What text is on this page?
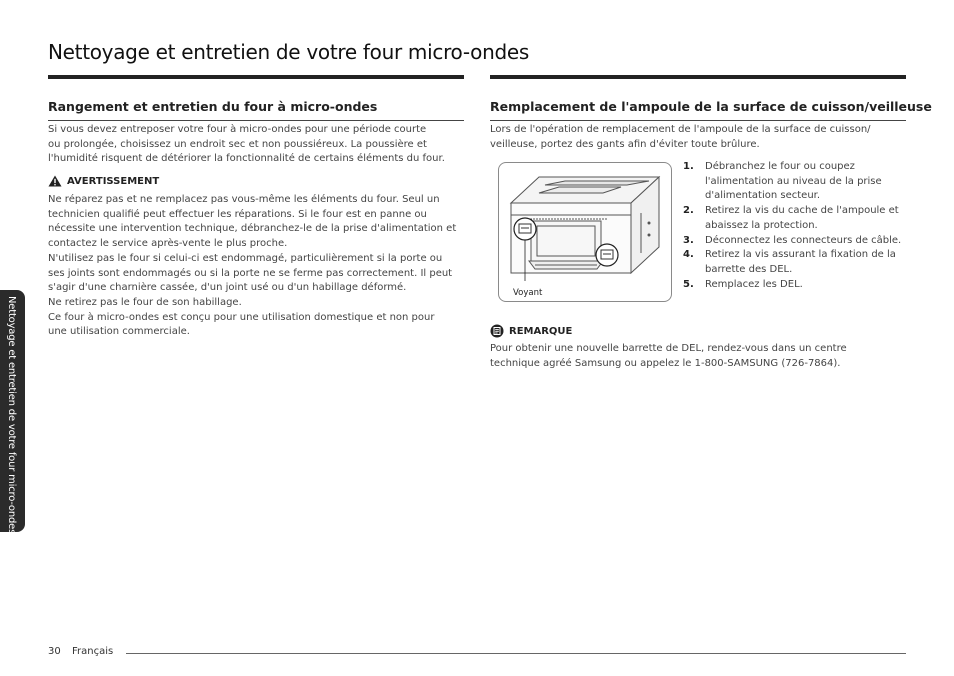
Nettoyage et entretien de votre four micro-ondes
Nettoyage et entretien de votre four micro-ondes
Rangement et entretien du four à micro-ondes
Si vous devez entreposer votre four à micro-ondes pour une période courte
ou prolongée, choisissez un endroit sec et non poussiéreux. La poussière et
l'humidité risquent de détériorer la fonctionnalité de certains éléments du four.
AVERTISSEMENT
Ne réparez pas et ne remplacez pas vous-même les éléments du four. Seul un
technicien qualifié peut effectuer les réparations. Si le four est en panne ou
nécessite une intervention technique, débranchez-le de la prise d'alimentation et
contactez le service après-vente le plus proche.
N'utilisez pas le four si celui-ci est endommagé, particulièrement si la porte ou
ses joints sont endommagés ou si la porte ne se ferme pas correctement. Il peut
s'agir d'une charnière cassée, d'un joint usé ou d'un habillage déformé.
Ne retirez pas le four de son habillage.
Ce four à micro-ondes est conçu pour une utilisation domestique et non pour
une utilisation commerciale.
Remplacement de l'ampoule de la surface de cuisson/veilleuse
Lors de l'opération de remplacement de l'ampoule de la surface de cuisson/
veilleuse, portez des gants afin d'éviter toute brûlure.
Voyant
1.	Débranchez le four ou coupez
l'alimentation au niveau de la prise
d'alimentation secteur.
2.	Retirez la vis du cache de l'ampoule et
abaissez la protection.
3.	Déconnectez les connecteurs de câble.
4.	Retirez la vis assurant la fixation de la
barrette des DEL.
5.	Remplacez les DEL.
REMARQUE
Pour obtenir une nouvelle barrette de DEL, rendez-vous dans un centre
technique agréé Samsung ou appelez le 1-800-SAMSUNG (726-7864).
30 Français
